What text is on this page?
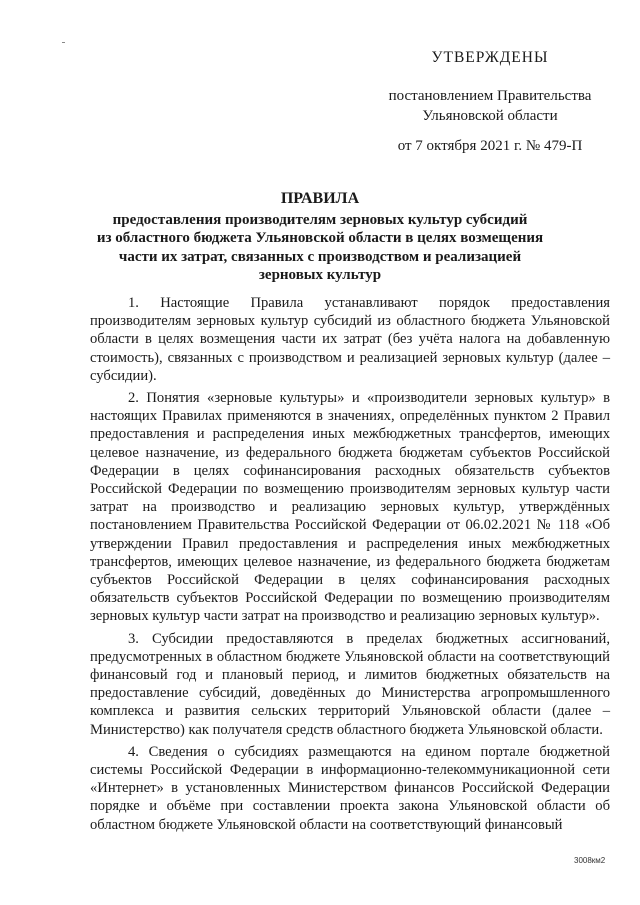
УТВЕРЖДЕНЫ
постановлением Правительства
Ульяновской области
от 7 октября 2021 г. № 479-П
ПРАВИЛА
предоставления производителям зерновых культур субсидий
из областного бюджета Ульяновской области в целях возмещения
части их затрат, связанных с производством и реализацией
зерновых культур

1. Настоящие Правила устанавливают порядок предоставления производителям зерновых культур субсидий из областного бюджета Ульяновской области в целях возмещения части их затрат (без учёта налога на добавленную стоимость), связанных с производством и реализацией зерновых культур (далее – субсидии).

2. Понятия «зерновые культуры» и «производители зерновых культур» в настоящих Правилах применяются в значениях, определённых пунктом 2 Правил предоставления и распределения иных межбюджетных трансфертов, имеющих целевое назначение, из федерального бюджета бюджетам субъектов Российской Федерации в целях софинансирования расходных обязательств субъектов Российской Федерации по возмещению производителям зерновых культур части затрат на производство и реализацию зерновых культур, утверждённых постановлением Правительства Российской Федерации от 06.02.2021 № 118 «Об утверждении Правил предоставления и распределения иных межбюджетных трансфертов, имеющих целевое назначение, из федерального бюджета бюджетам субъектов Российской Федерации в целях софинансирования расходных обязательств субъектов Российской Федерации по возмещению производителям зерновых культур части затрат на производство и реализацию зерновых культур».

3. Субсидии предоставляются в пределах бюджетных ассигнований, предусмотренных в областном бюджете Ульяновской области на соответствующий финансовый год и плановый период, и лимитов бюджетных обязательств на предоставление субсидий, доведённых до Министерства агропромышленного комплекса и развития сельских территорий Ульяновской области (далее – Министерство) как получателя средств областного бюджета Ульяновской области.

4. Сведения о субсидиях размещаются на едином портале бюджетной системы Российской Федерации в информационно-телекоммуникационной сети «Интернет» в установленных Министерством финансов Российской Федерации порядке и объёме при составлении проекта закона Ульяновской области об областном бюджете Ульяновской области на соответствующий финансовый

3008км2
